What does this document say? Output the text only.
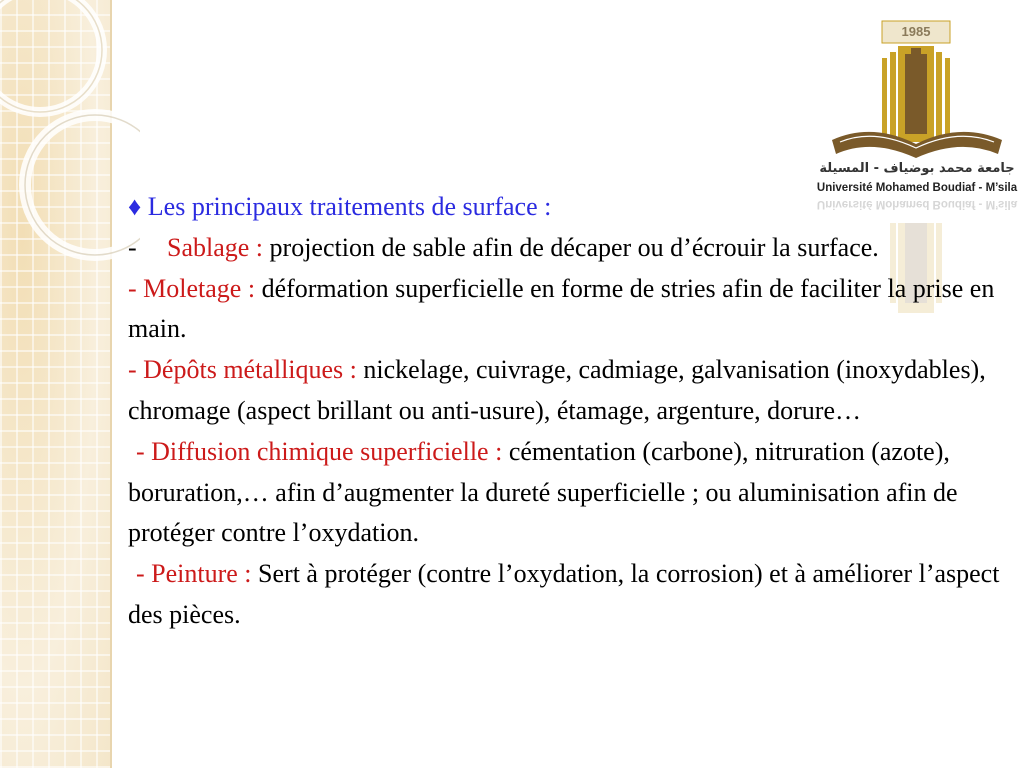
1985
جامعة محمد بوضياف - المسيلة
Université Mohamed Boudiaf - M’sila
Université Mohamed Boudiaf - M’sila

♦ Les principaux traitements de surface :

-	Sablage : projection de sable afin de décaper ou d’écrouir la surface.

- Moletage : déformation superficielle en forme de stries afin de faciliter la prise en main.

- Dépôts métalliques : nickelage, cuivrage, cadmiage, galvanisation (inoxydables), chromage (aspect brillant ou anti-usure), étamage, argenture, dorure…

- Diffusion chimique superficielle : cémentation (carbone), nitruration (azote), boruration,… afin d’augmenter la dureté superficielle ; ou aluminisation afin de protéger contre l’oxydation.

- Peinture : Sert à protéger (contre l’oxydation, la corrosion) et à améliorer l’aspect des pièces.
